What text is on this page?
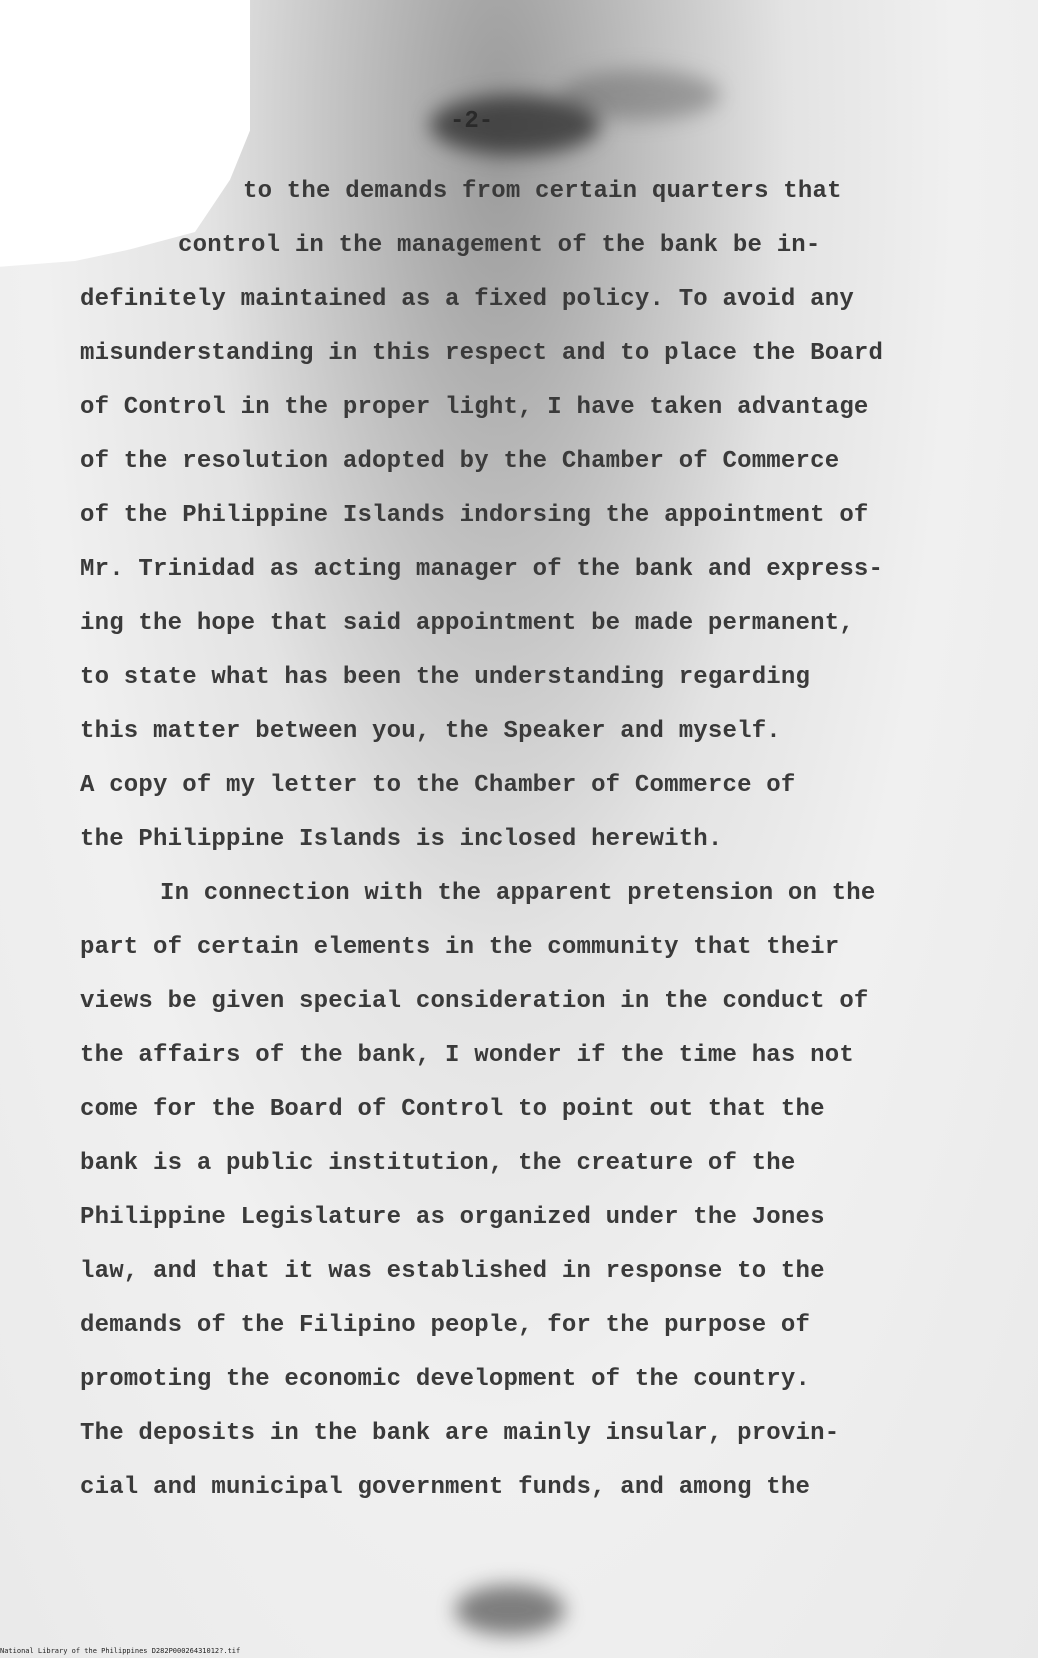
-2-
to the demands from certain quarters that
control in the management of the bank be in-
definitely maintained as a fixed policy. To avoid any
misunderstanding in this respect and to place the Board
of Control in the proper light, I have taken advantage
of the resolution adopted by the Chamber of Commerce
of the Philippine Islands indorsing the appointment of
Mr. Trinidad as acting manager of the bank and express-
ing the hope that said appointment be made permanent,
to state what has been the understanding regarding
this matter between you, the Speaker and myself.
A copy of my letter to the Chamber of Commerce of
the Philippine Islands is inclosed herewith.
In connection with the apparent pretension on the
part of certain elements in the community that their
views be given special consideration in the conduct of
the affairs of the bank, I wonder if the time has not
come for the Board of Control to point out that the
bank is a public institution, the creature of the
Philippine Legislature as organized under the Jones
law, and that it was established in response to the
demands of the Filipino people, for the purpose of
promoting the economic development of the country.
The deposits in the bank are mainly insular, provin-
cial and municipal government funds, and among the
National Library of the Philippines D282P00026431012?.tif
